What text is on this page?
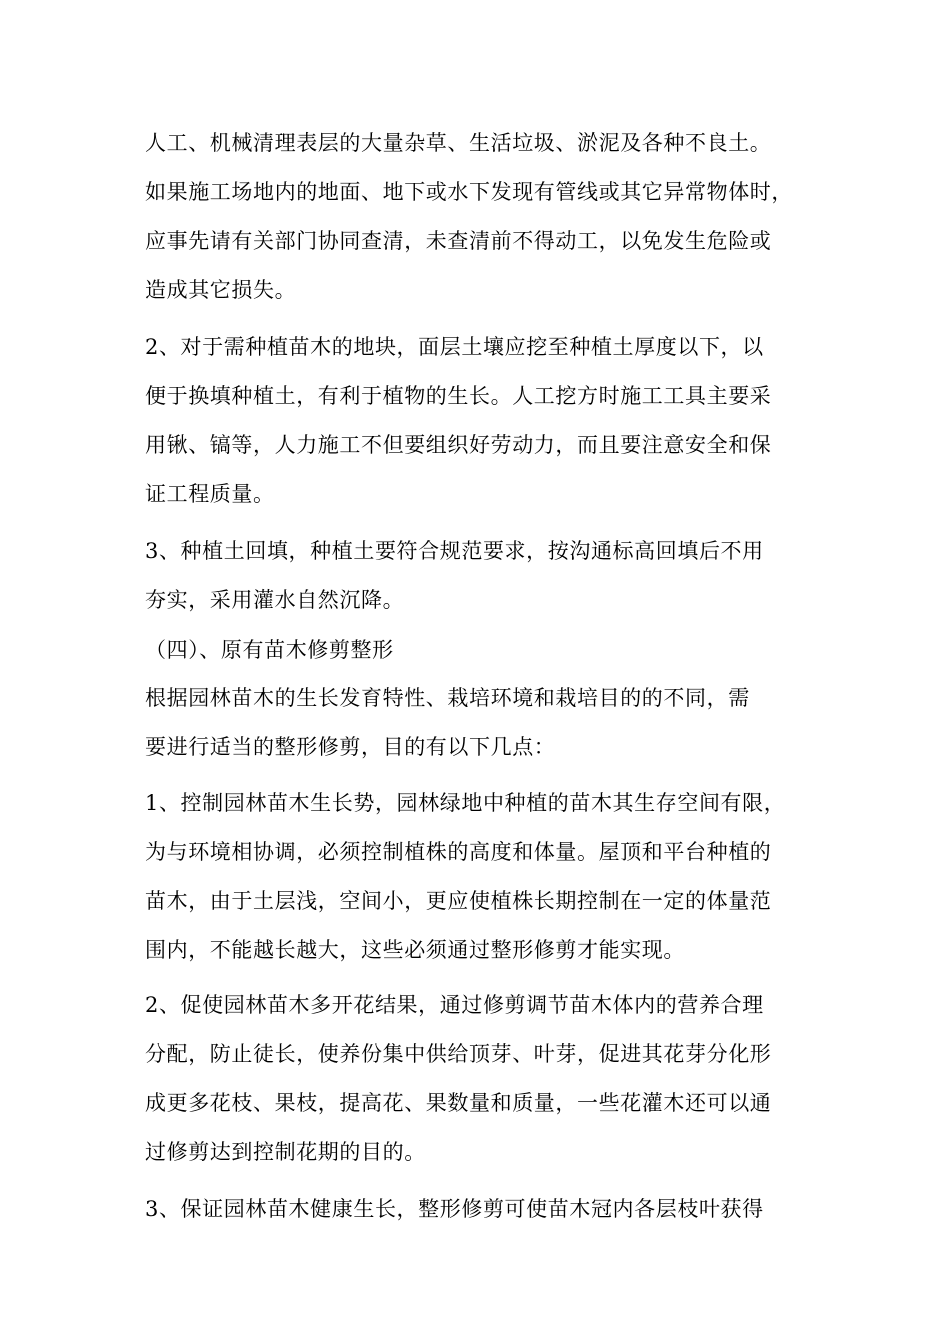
人工、机械清理表层的大量杂草、生活垃圾、淤泥及各种不良土。
如果施工场地内的地面、地下或水下发现有管线或其它异常物体时，
应事先请有关部门协同查清，未查清前不得动工，以免发生危险或
造成其它损失。
2、对于需种植苗木的地块，面层土壤应挖至种植土厚度以下，以
便于换填种植土，有利于植物的生长。人工挖方时施工工具主要采
用锹、镐等，人力施工不但要组织好劳动力，而且要注意安全和保
证工程质量。
3、种植土回填，种植土要符合规范要求，按沟通标高回填后不用
夯实，采用灌水自然沉降。
（四）、原有苗木修剪整形
根据园林苗木的生长发育特性、栽培环境和栽培目的的不同，需
要进行适当的整形修剪，目的有以下几点：
1、控制园林苗木生长势，园林绿地中种植的苗木其生存空间有限，
为与环境相协调，必须控制植株的高度和体量。屋顶和平台种植的
苗木，由于土层浅，空间小，更应使植株长期控制在一定的体量范
围内，不能越长越大，这些必须通过整形修剪才能实现。
2、促使园林苗木多开花结果，通过修剪调节苗木体内的营养合理
分配，防止徒长，使养份集中供给顶芽、叶芽，促进其花芽分化形
成更多花枝、果枝，提高花、果数量和质量，一些花灌木还可以通
过修剪达到控制花期的目的。
3、保证园林苗木健康生长，整形修剪可使苗木冠内各层枝叶获得
